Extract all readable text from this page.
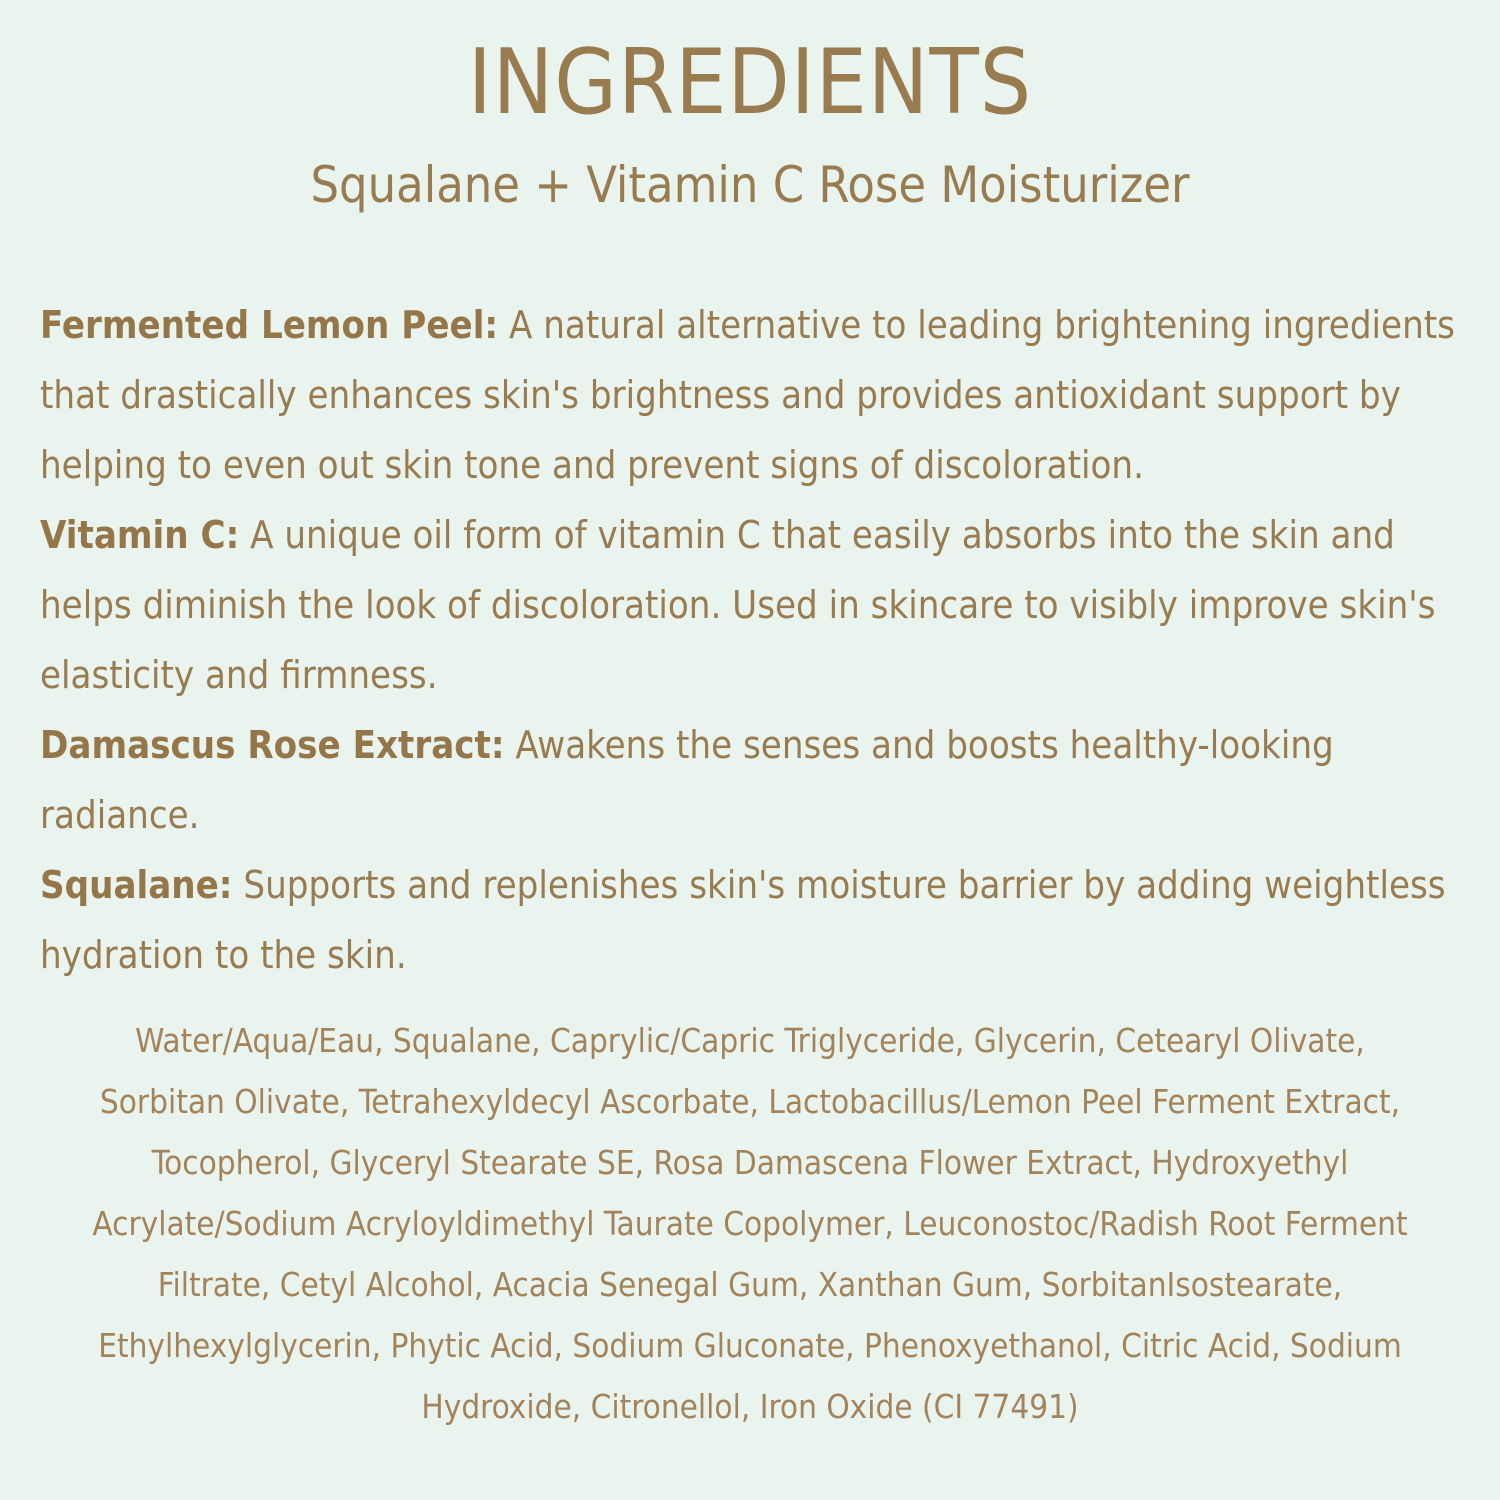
INGREDIENTS
Squalane + Vitamin C Rose Moisturizer

Fermented Lemon Peel: A natural alternative to leading brightening ingredients that drastically enhances skin's brightness and provides antioxidant support by helping to even out skin tone and prevent signs of discoloration.

Vitamin C: A unique oil form of vitamin C that easily absorbs into the skin and helps diminish the look of discoloration. Used in skincare to visibly improve skin's elasticity and firmness.

Damascus Rose Extract: Awakens the senses and boosts healthy-looking radiance.

Squalane: Supports and replenishes skin's moisture barrier by adding weightless hydration to the skin.

Water/Aqua/Eau, Squalane, Caprylic/Capric Triglyceride, Glycerin, Cetearyl Olivate, Sorbitan Olivate, Tetrahexyldecyl Ascorbate, Lactobacillus/Lemon Peel Ferment Extract, Tocopherol, Glyceryl Stearate SE, Rosa Damascena Flower Extract, Hydroxyethyl Acrylate/Sodium Acryloyldimethyl Taurate Copolymer, Leuconostoc/Radish Root Ferment Filtrate, Cetyl Alcohol, Acacia Senegal Gum, Xanthan Gum, SorbitanIsostearate, Ethylhexylglycerin, Phytic Acid, Sodium Gluconate, Phenoxyethanol, Citric Acid, Sodium Hydroxide, Citronellol, Iron Oxide (CI 77491)
